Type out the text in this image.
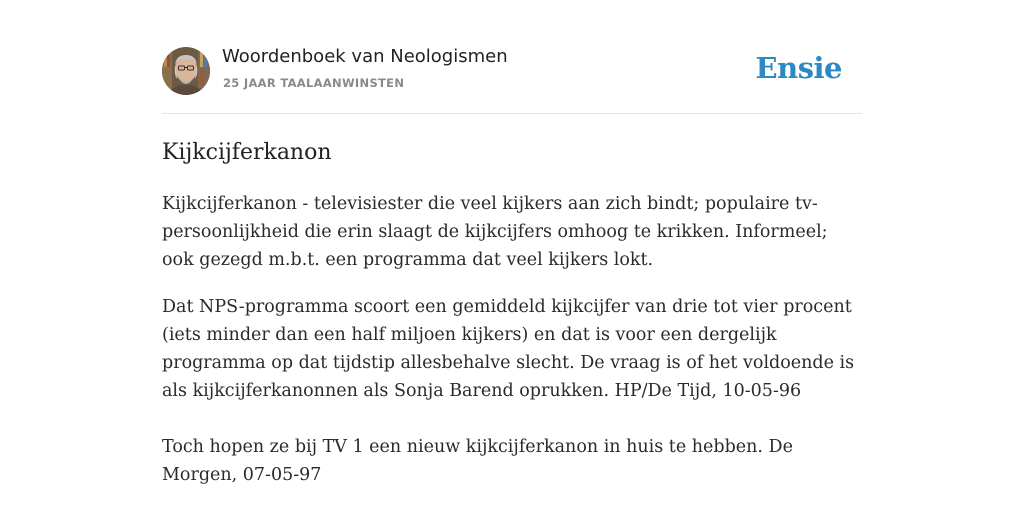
Woordenboek van Neologismen
25 JAAR TAALAANWINSTEN	Ensie
Kijkcijferkanon

Kijkcijferkanon - televisiester die veel kijkers aan zich bindt; populaire tv-persoonlijkheid die erin slaagt de kijkcijfers omhoog te krikken. Informeel; ook gezegd m.b.t. een programma dat veel kijkers lokt.

Dat NPS-programma scoort een gemiddeld kijkcijfer van drie tot vier procent (iets minder dan een half miljoen kijkers) en dat is voor een dergelijk programma op dat tijdstip allesbehalve slecht. De vraag is of het voldoende is als kijkcijferkanonnen als Sonja Barend oprukken. HP/De Tijd, 10-05-96

Toch hopen ze bij TV 1 een nieuw kijkcijferkanon in huis te hebben. De Morgen, 07-05-97
